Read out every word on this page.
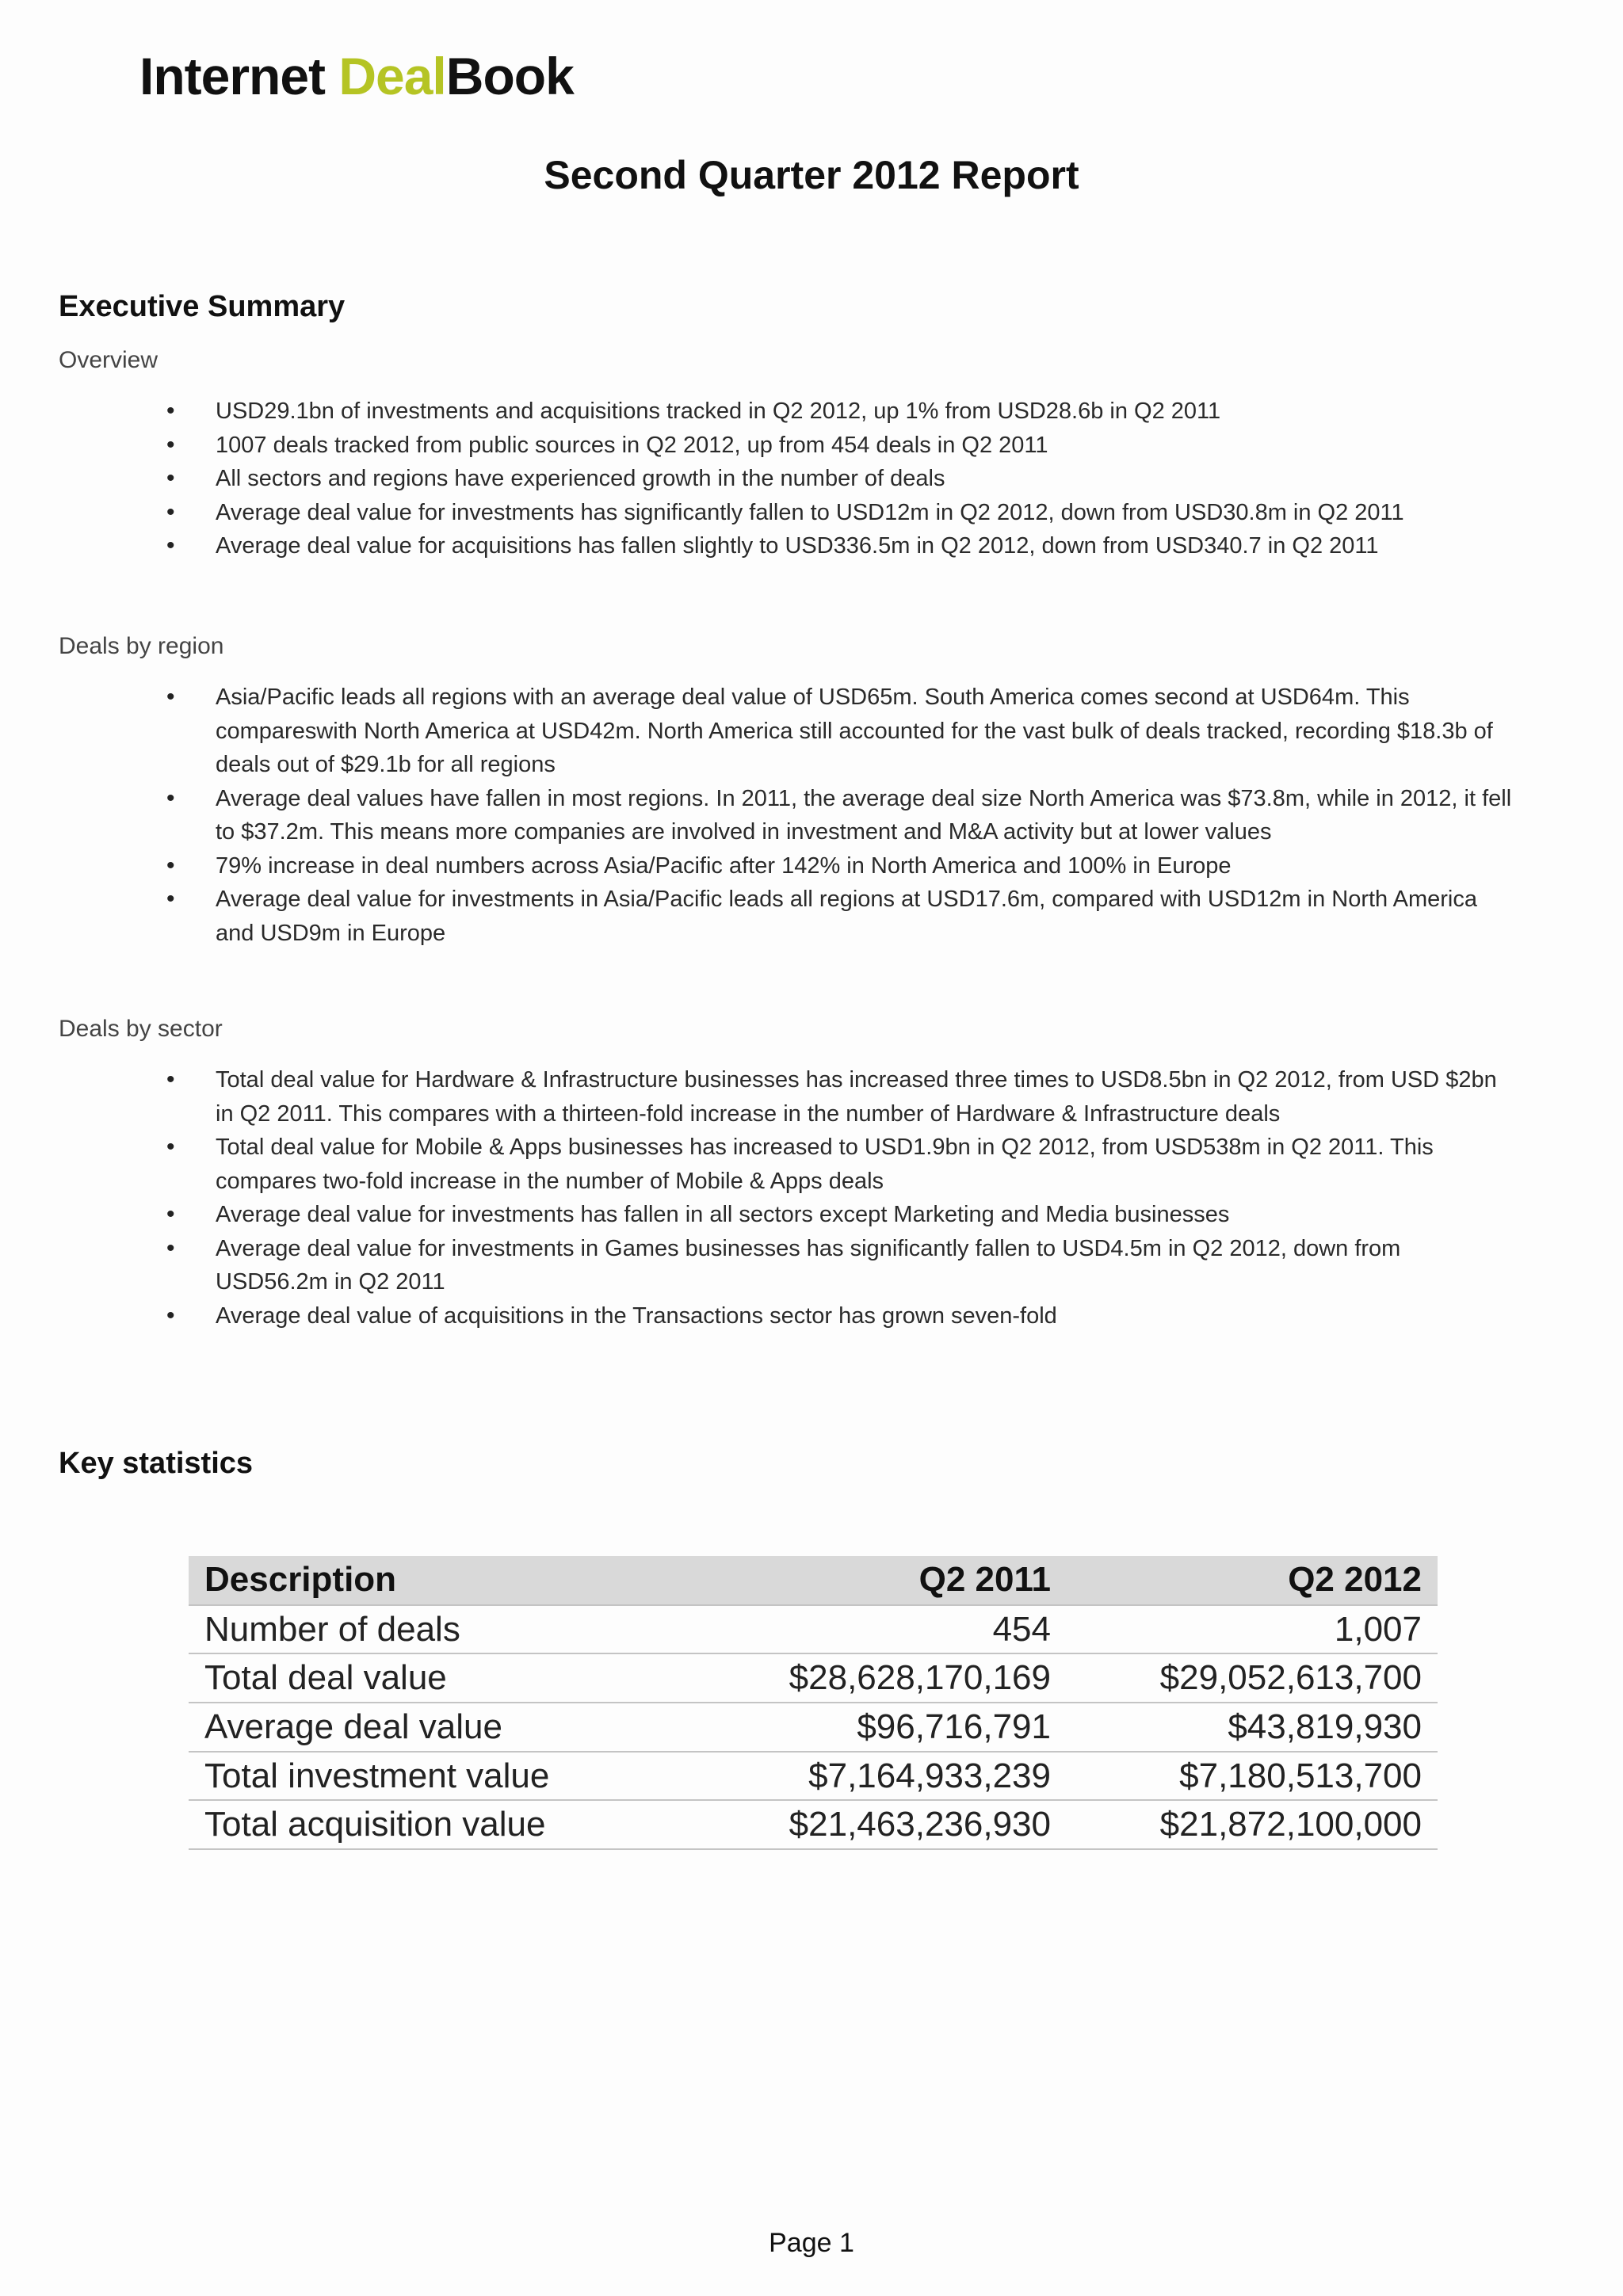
Internet DealBook
Second Quarter 2012 Report
Executive Summary
Overview
• USD29.1bn of investments and acquisitions tracked in Q2 2012, up 1% from USD28.6b in Q2 2011
• 1007 deals tracked from public sources in Q2 2012, up from 454 deals in Q2 2011
• All sectors and regions have experienced growth in the number of deals
• Average deal value for investments has significantly fallen to USD12m in Q2 2012, down from USD30.8m in Q2 2011
• Average deal value for acquisitions has fallen slightly to USD336.5m in Q2 2012, down from USD340.7 in Q2 2011
Deals by region
• Asia/Pacific leads all regions with an average deal value of USD65m. South America comes second at USD64m. This compareswith North America at USD42m. North America still accounted for the vast bulk of deals tracked, recording $18.3b of deals out of $29.1b for all regions
• Average deal values have fallen in most regions. In 2011, the average deal size North America was $73.8m, while in 2012, it fell to $37.2m. This means more companies are involved in investment and M&A activity but at lower values
• 79% increase in deal numbers across Asia/Pacific after 142% in North America and 100% in Europe
• Average deal value for investments in Asia/Pacific leads all regions at USD17.6m, compared with USD12m in North America and USD9m in Europe
Deals by sector
• Total deal value for Hardware & Infrastructure businesses has increased three times to USD8.5bn in Q2 2012, from USD $2bn in Q2 2011. This compares with a thirteen-fold increase in the number of Hardware & Infrastructure deals
• Total deal value for Mobile & Apps businesses has increased to USD1.9bn in Q2 2012, from USD538m in Q2 2011. This compares two-fold increase in the number of Mobile & Apps deals
• Average deal value for investments has fallen in all sectors except Marketing and Media businesses
• Average deal value for investments in Games businesses has significantly fallen to USD4.5m in Q2 2012, down from USD56.2m in Q2 2011
• Average deal value of acquisitions in the Transactions sector has grown seven-fold
Key statistics
Description	Q2 2011	Q2 2012
Number of deals	454	1,007
Total deal value	$28,628,170,169	$29,052,613,700
Average deal value	$96,716,791	$43,819,930
Total investment value	$7,164,933,239	$7,180,513,700
Total acquisition value	$21,463,236,930	$21,872,100,000
Page 1
